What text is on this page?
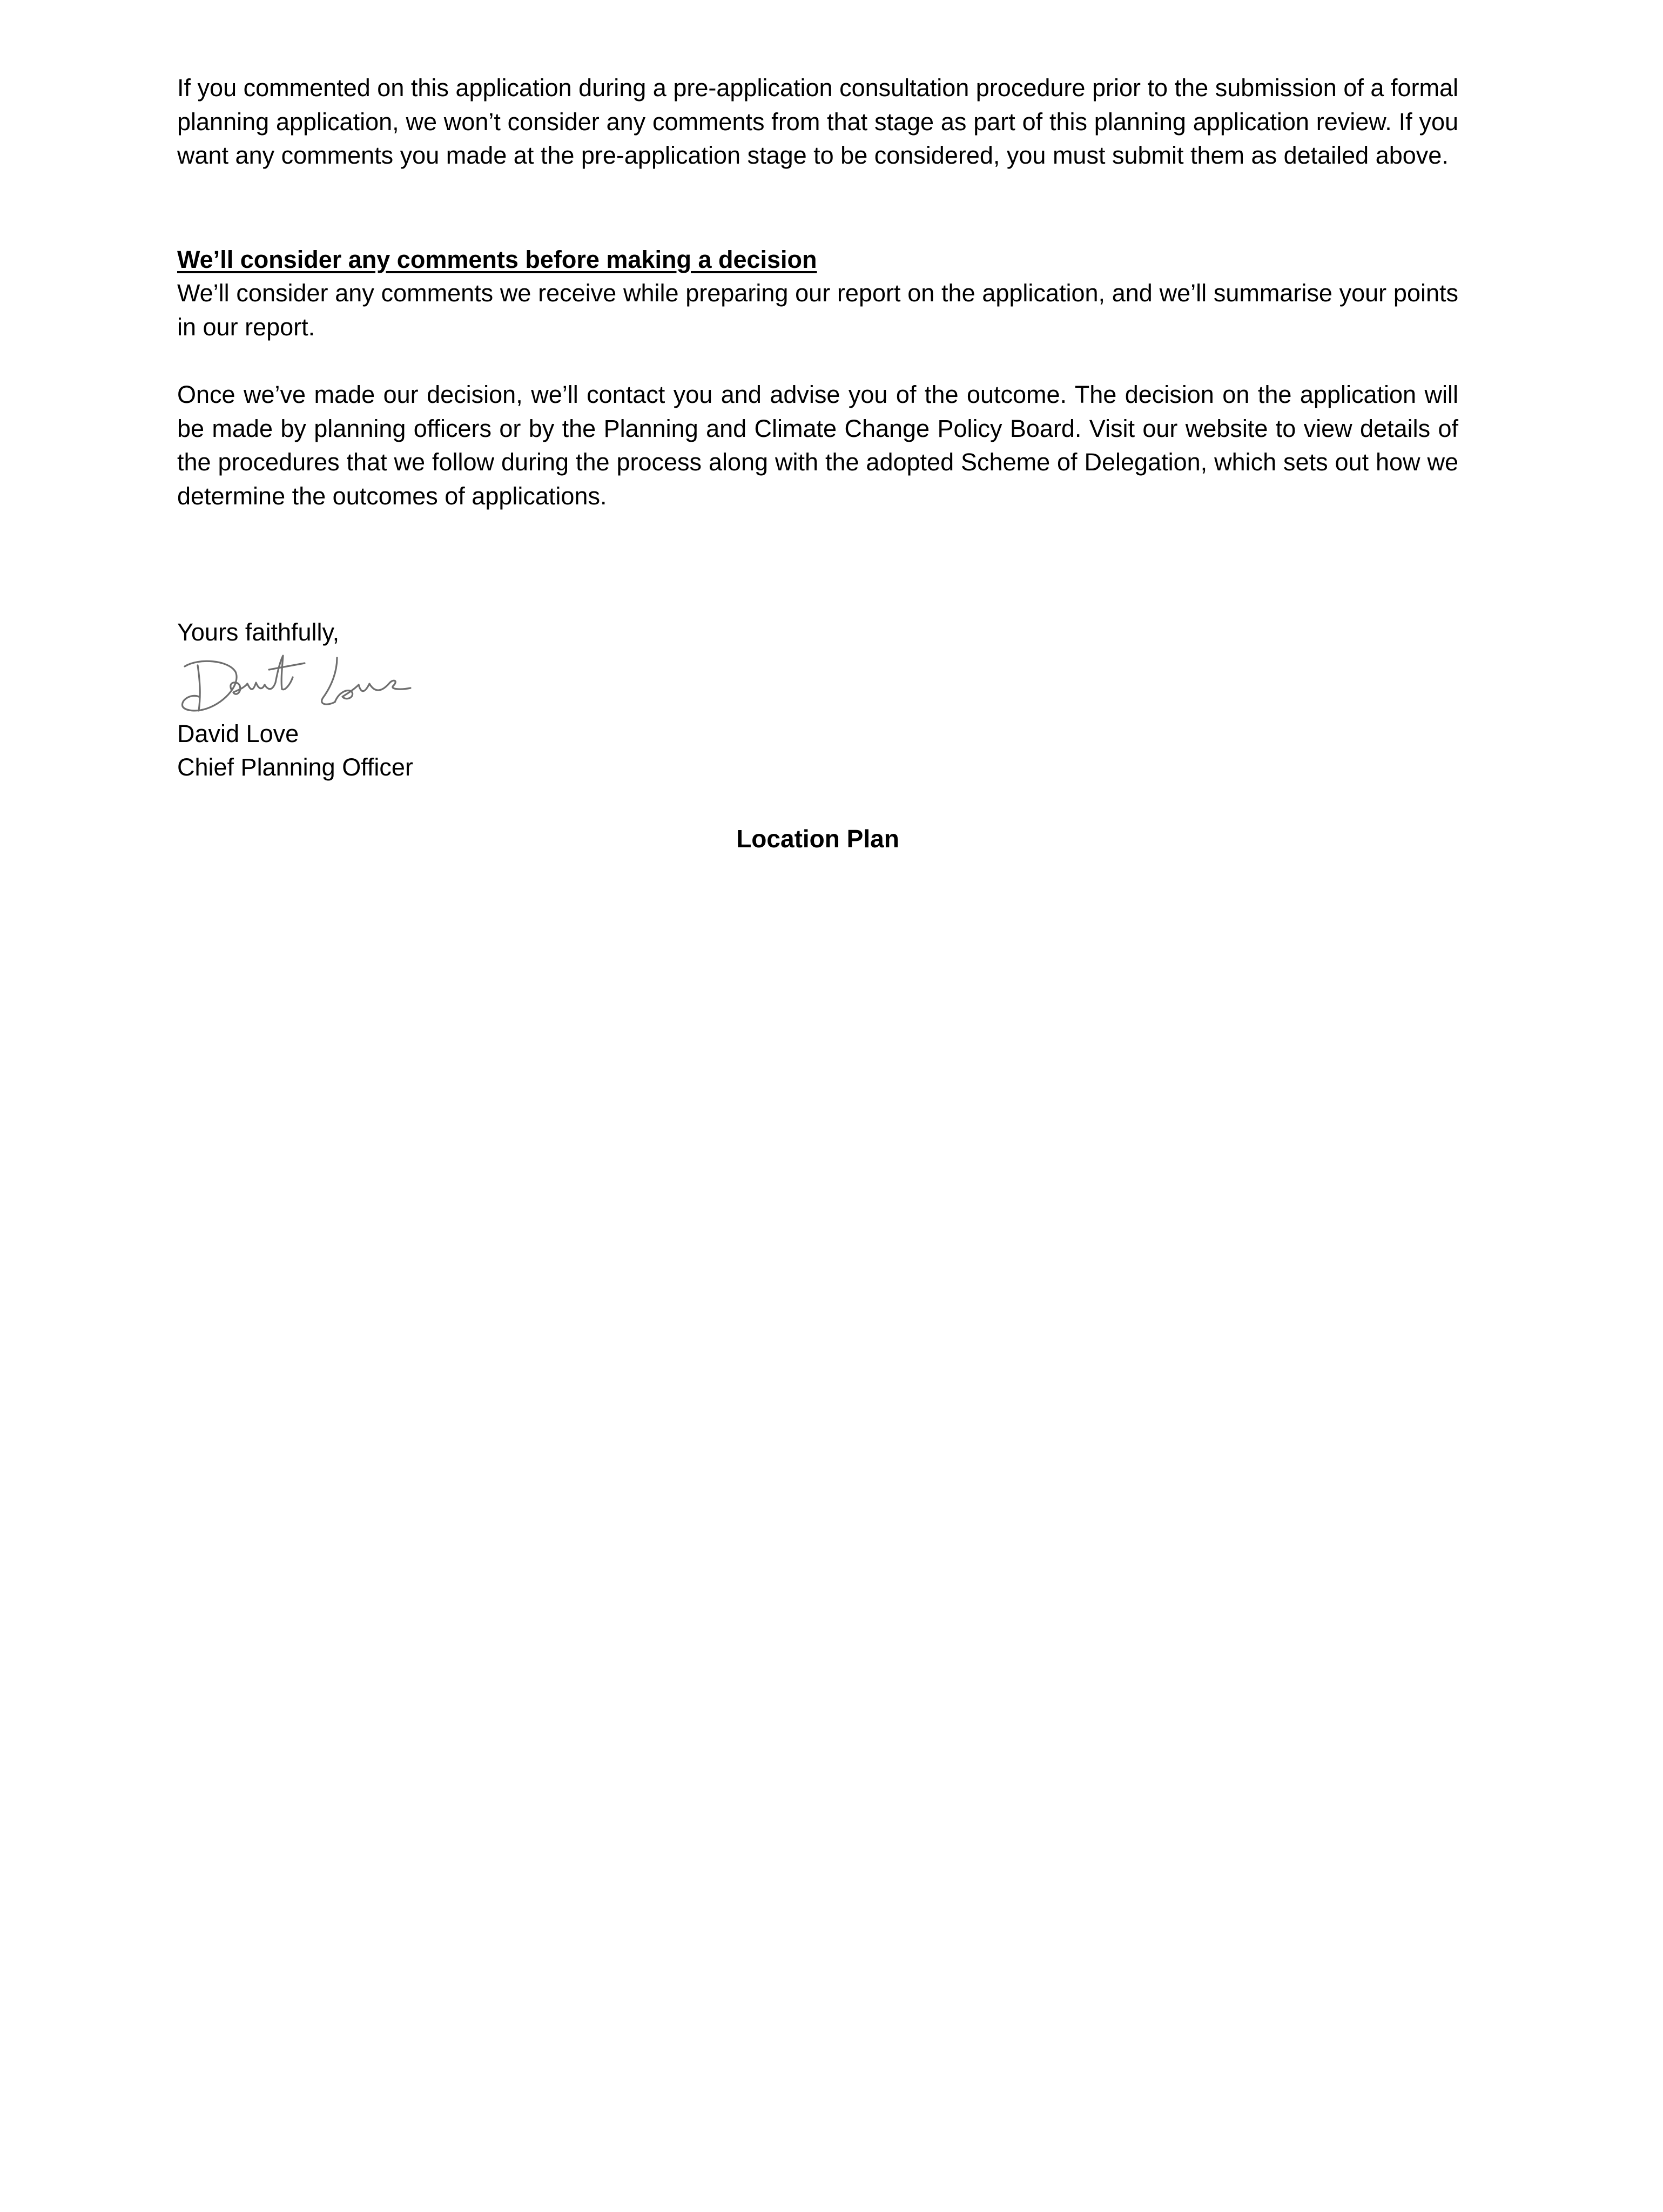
If you commented on this application during a pre-application consultation procedure prior to the submission of a formal planning application, we won’t consider any comments from that stage as part of this planning application review. If you want any comments you made at the pre-application stage to be considered, you must submit them as detailed above.

We’ll consider any comments before making a decision

We’ll consider any comments we receive while preparing our report on the application, and we’ll summarise your points in our report.

Once we’ve made our decision, we’ll contact you and advise you of the outcome. The decision on the application will be made by planning officers or by the Planning and Climate Change Policy Board. Visit our website to view details of the procedures that we follow during the process along with the adopted Scheme of Delegation, which sets out how we determine the outcomes of applications.

Yours faithfully,

David Love

Chief Planning Officer

Location Plan
